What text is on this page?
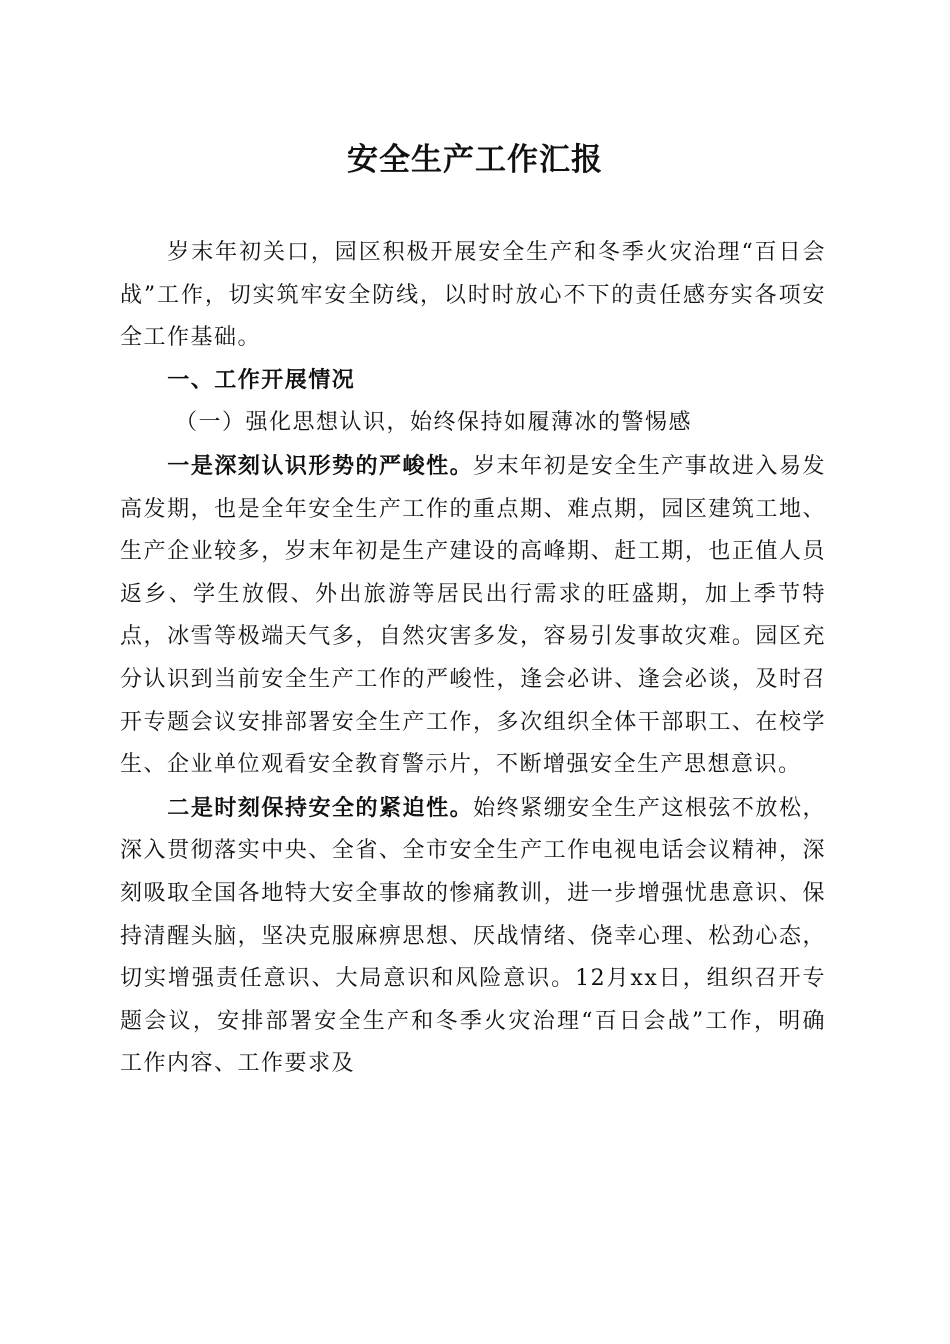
安全生产工作汇报

岁末年初关口，园区积极开展安全生产和冬季火灾治理“百日会战”工作，切实筑牢安全防线，以时时放心不下的责任感夯实各项安全工作基础。

一、工作开展情况

（一）强化思想认识，始终保持如履薄冰的警惕感

一是深刻认识形势的严峻性。岁末年初是安全生产事故进入易发高发期，也是全年安全生产工作的重点期、难点期，园区建筑工地、生产企业较多，岁末年初是生产建设的高峰期、赶工期，也正值人员返乡、学生放假、外出旅游等居民出行需求的旺盛期，加上季节特点，冰雪等极端天气多，自然灾害多发，容易引发事故灾难。园区充分认识到当前安全生产工作的严峻性，逢会必讲、逢会必谈，及时召开专题会议安排部署安全生产工作，多次组织全体干部职工、在校学生、企业单位观看安全教育警示片，不断增强安全生产思想意识。

二是时刻保持安全的紧迫性。始终紧绷安全生产这根弦不放松，深入贯彻落实中央、全省、全市安全生产工作电视电话会议精神，深刻吸取全国各地特大安全事故的惨痛教训，进一步增强忧患意识、保持清醒头脑，坚决克服麻痹思想、厌战情绪、侥幸心理、松劲心态，切实增强责任意识、大局意识和风险意识。12月xx日，组织召开专题会议，安排部署安全生产和冬季火灾治理“百日会战”工作，明确工作内容、工作要求及
